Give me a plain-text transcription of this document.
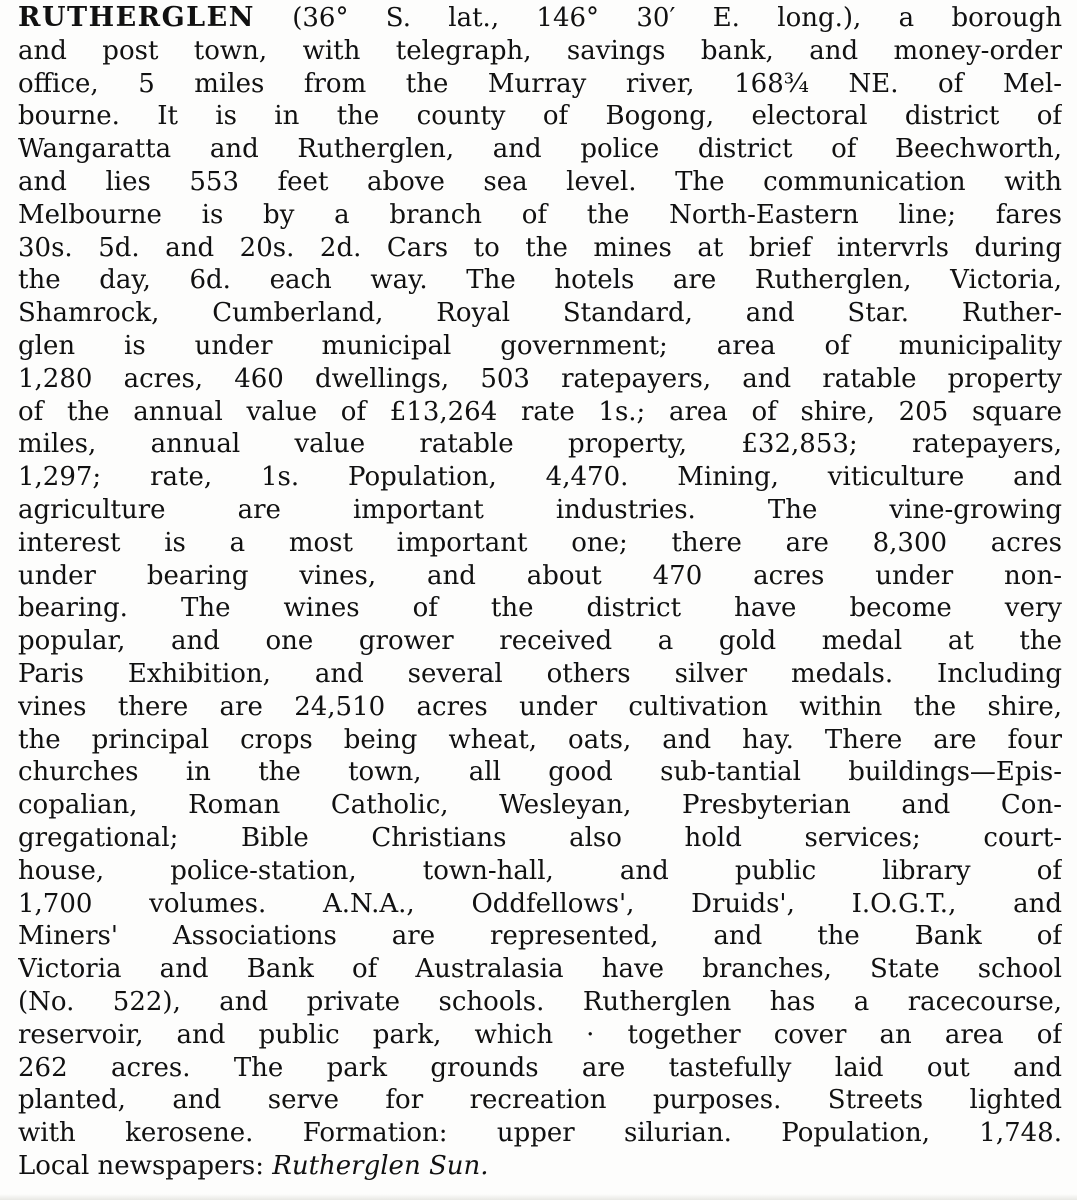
RUTHERGLEN (36° S. lat., 146° 30′ E. long.), a borough
and post town, with telegraph, savings bank, and money-order
office, 5 miles from the Murray river, 168¾ NE. of Mel-
bourne. It is in the county of Bogong, electoral district of
Wangaratta and Rutherglen, and police district of Beechworth,
and lies 553 feet above sea level. The communication with
Melbourne is by a branch of the North-Eastern line; fares
30s. 5d. and 20s. 2d. Cars to the mines at brief intervrls during
the day, 6d. each way. The hotels are Rutherglen, Victoria,
Shamrock, Cumberland, Royal Standard, and Star. Ruther-
glen is under municipal government; area of municipality
1,280 acres, 460 dwellings, 503 ratepayers, and ratable property
of the annual value of £13,264 rate 1s.; area of shire, 205 square
miles, annual value ratable property, £32,853; ratepayers,
1,297; rate, 1s. Population, 4,470. Mining, viticulture and
agriculture are important industries. The vine-growing
interest is a most important one; there are 8,300 acres
under bearing vines, and about 470 acres under non-
bearing. The wines of the district have become very
popular, and one grower received a gold medal at the
Paris Exhibition, and several others silver medals. Including
vines there are 24,510 acres under cultivation within the shire,
the principal crops being wheat, oats, and hay. There are four
churches in the town, all good sub-tantial buildings—Epis-
copalian, Roman Catholic, Wesleyan, Presbyterian and Con-
gregational; Bible Christians also hold services; court-
house, police-station, town-hall, and public library of
1,700 volumes. A.N.A., Oddfellows', Druids', I.O.G.T., and
Miners' Associations are represented, and the Bank of
Victoria and Bank of Australasia have branches, State school
(No. 522), and private schools. Rutherglen has a racecourse,
reservoir, and public park, which · together cover an area of
262 acres. The park grounds are tastefully laid out and
planted, and serve for recreation purposes. Streets lighted
with kerosene. Formation: upper silurian. Population, 1,748.
Local newspapers: Rutherglen Sun.
